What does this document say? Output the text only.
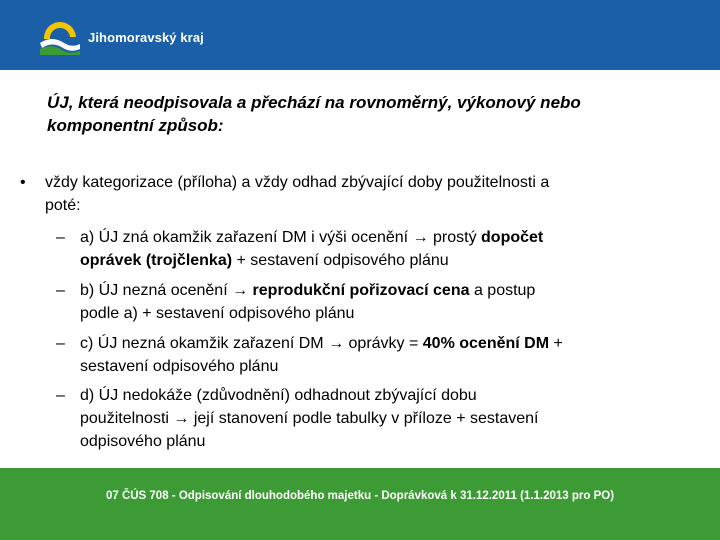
Jihomoravský kraj
ÚJ, která neodpisovala a přechází na rovnoměrný, výkonový nebo
komponentní způsob:
• vždy kategorizace (příloha) a vždy odhad zbývající doby použitelnosti a
poté:
– a) ÚJ zná okamžik zařazení DM i výši ocenění → prostý dopočet
oprávek (trojčlenka) + sestavení odpisového plánu
– b) ÚJ nezná ocenění → reprodukční pořizovací cena a postup
podle a) + sestavení odpisového plánu
– c) ÚJ nezná okamžik zařazení DM → oprávky = 40% ocenění DM +
sestavení odpisového plánu
– d) ÚJ nedokáže (zdůvodnění) odhadnout zbývající dobu
použitelnosti → její stanovení podle tabulky v příloze + sestavení
odpisového plánu
07 ČÚS 708 - Odpisování dlouhodobého majetku - Doprávková k 31.12.2011 (1.1.2013 pro PO)
